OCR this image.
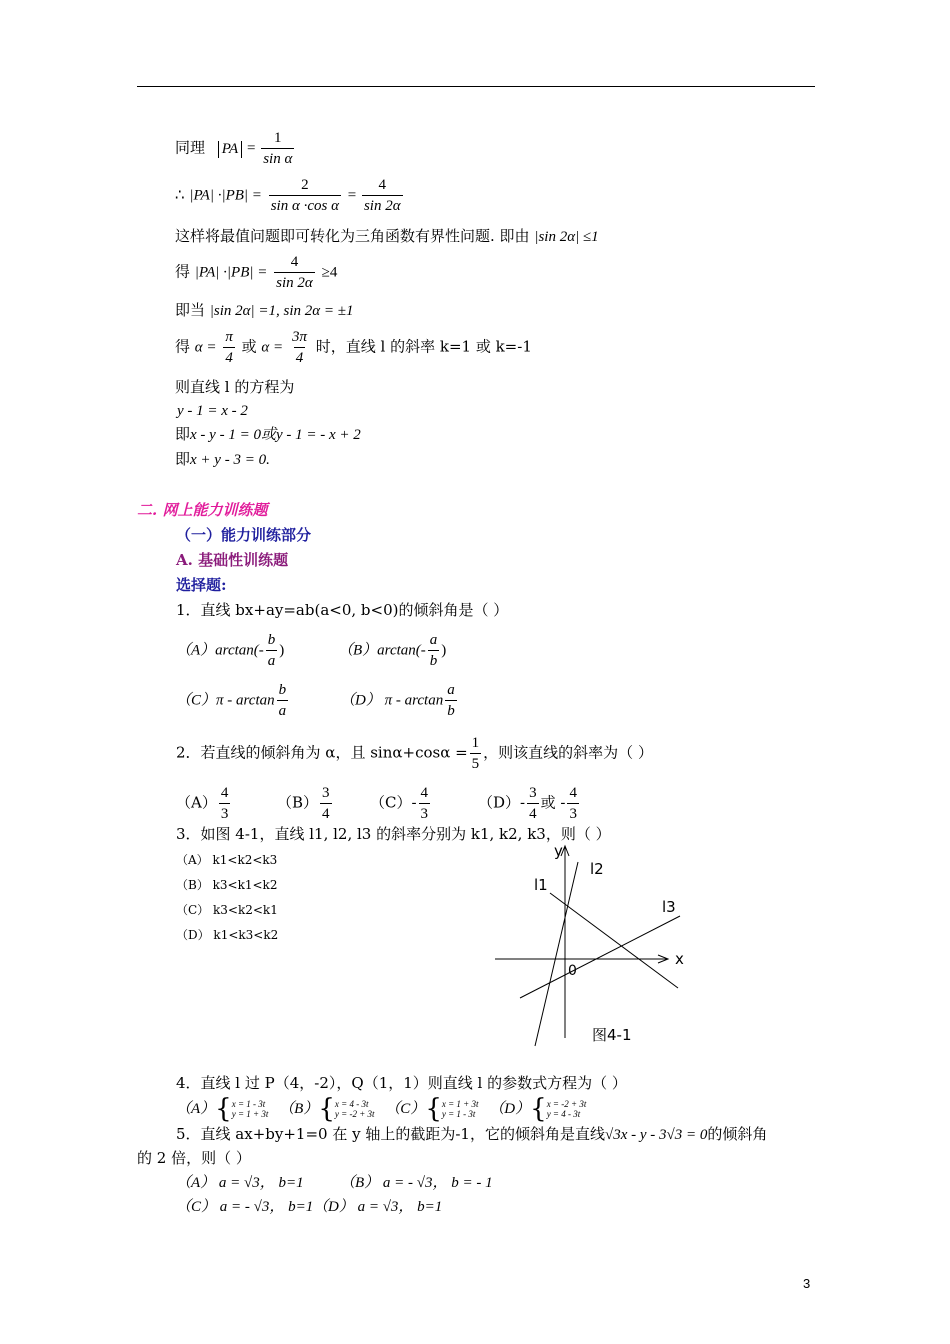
同理 PA = $\frac{1}{\text{sin α}}$
∴ $|PA| \cdot|PB| = \frac{2}{\text{sin α ·cos α}} = \frac{4}{\sin 2\alpha}$
这样将最值问题即可转化为三角函数有界性问题. 即由 |sin 2α| ≤1
得 $|PA| \cdot|PB| = \frac{4}{\sin 2\alpha} \ge 4$
即当 |sin 2α| =1, sin 2α = ±1
得 $\alpha = \frac{\pi}{4}$ 或 $\alpha = \frac{3\pi}{4}$ 时，直线 l 的斜率 k=1 或 k=-1
则直线 l 的方程为
y - 1 = x - 2
即x - y - 1 = 0或y - 1 = - x + 2
即x + y - 3 = 0.
二. 网上能力训练题
（一）能力训练部分
A. 基础性训练题
选择题:
1．直线 bx+ay=ab(a<0, b<0)的倾斜角是（ ）
$(A)\arctan(- \frac{b}{a}$ )	$(B)\arctan(- \frac{a}{b}$ )
$(C)\pi - \arctan \frac{b}{a}$	（D） π - $\arctan \frac{a}{b}$
2．若直线的倾斜角为 α，且 $\sin\alpha+\cos\alpha = \frac{1}{5}$ ，则该直线的斜率为（ ）
$(A) \frac{4}{3}$	$(B) \frac{3}{4}$	$(C)- \frac{4}{3}$	$(D)- \frac{3}{4}$ 或 - $\frac{4}{3}$
3．如图 4-1，直线 l1, l2, l3 的斜率分别为 k1, k2, k3，则（ ）
（A） k1<k2<k3
（B） k3<k1<k2
（C） k3<k2<k1
（D） k1<k3<k2
y
x
0
l1
l2
l3
图4-1
4．直线 l 过 P（4，-2），Q（1，1）则直线 l 的参数式方程为（ ）
（A） { x = 1 - 3t
y = 1 + 3t （B） { x = 4 - 3t
y = -2 + 3t （C） { x = 1 + 3t
y = 1 - 3t （D） { x = -2 + 3t
y = 4 - 3t
5．直线 ax+by+1=0 在 y 轴上的截距为-1，它的倾斜角是直线√3x - y - 3√3 = 0的倾斜角
的 2 倍，则（ ）
（A） a = √3， b=1 （B） a = - √3， b = - 1
（C） a = - √3， b=1 （D） a = √3， b=1
3
